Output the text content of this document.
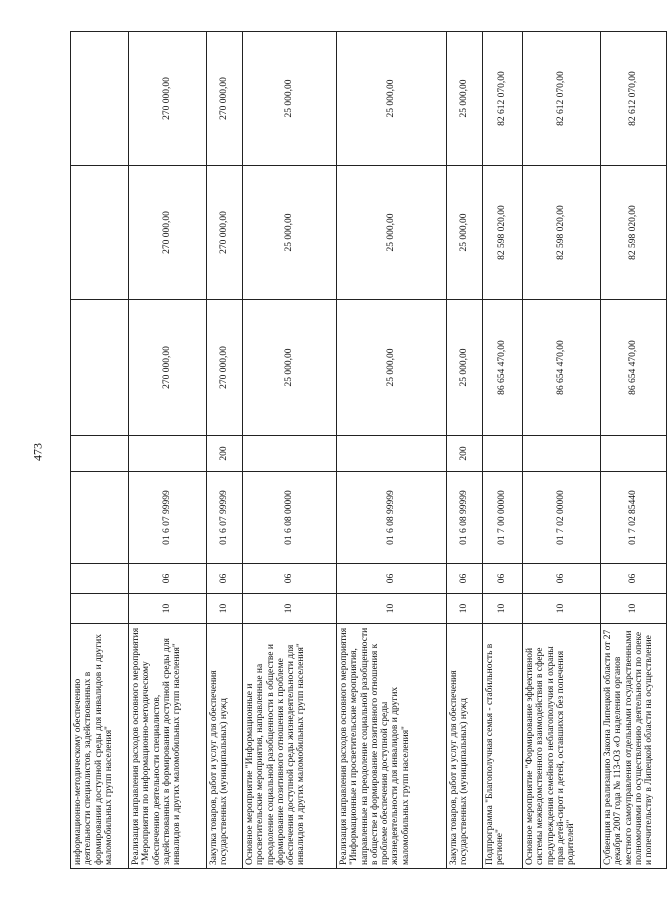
473
информационно-методическому обеспечению деятельности специалистов, задействованных в формировании доступной среды для инвалидов и других маломобильных групп населения"							
Реализация направления расходов основного мероприятия "Мероприятия по информационно-методическому обеспечению деятельности специалистов, задействованных в формировании доступной среды для инвалидов и других маломобильных групп населения"	10	06	01 6 07 99999		270 000,00	270 000,00	270 000,00
Закупка товаров, работ и услуг для обеспечения государственных (муниципальных) нужд	10	06	01 6 07 99999	200	270 000,00	270 000,00	270 000,00
Основное мероприятие "Информационные и просветительские мероприятия, направленные на преодоление социальной разобщенности в обществе и формирование позитивного отношения к проблеме обеспечения доступной среды жизнедеятельности для инвалидов и других маломобильных групп населения"	10	06	01 6 08 00000		25 000,00	25 000,00	25 000,00
Реализация направления расходов основного мероприятия "Информационные и просветительские мероприятия, направленные на преодоление социальной разобщенности в обществе и формирование позитивного отношения к проблеме обеспечения доступной среды жизнедеятельности для инвалидов и других маломобильных групп населения"	10	06	01 6 08 99999		25 000,00	25 000,00	25 000,00
Закупка товаров, работ и услуг для обеспечения государственных (муниципальных) нужд	10	06	01 6 08 99999	200	25 000,00	25 000,00	25 000,00
Подпрограмма "Благополучная семья - стабильность в регионе"	10	06	01 7 00 00000		86 654 470,00	82 598 020,00	82 612 070,00
Основное мероприятие "Формирование эффективной системы межведомственного взаимодействия в сфере предупреждения семейного неблагополучия и охраны прав детей-сирот и детей, оставшихся без попечения родителей"	10	06	01 7 02 00000		86 654 470,00	82 598 020,00	82 612 070,00
Субвенция на реализацию Закона Липецкой области от 27 декабря 2007 года № 113-ОЗ «О наделении органов местного самоуправления отдельными государственными полномочиями по осуществлению деятельности по опеке и попечительству в Липецкой области на осуществление	10	06	01 7 02 85440		86 654 470,00	82 598 020,00	82 612 070,00
